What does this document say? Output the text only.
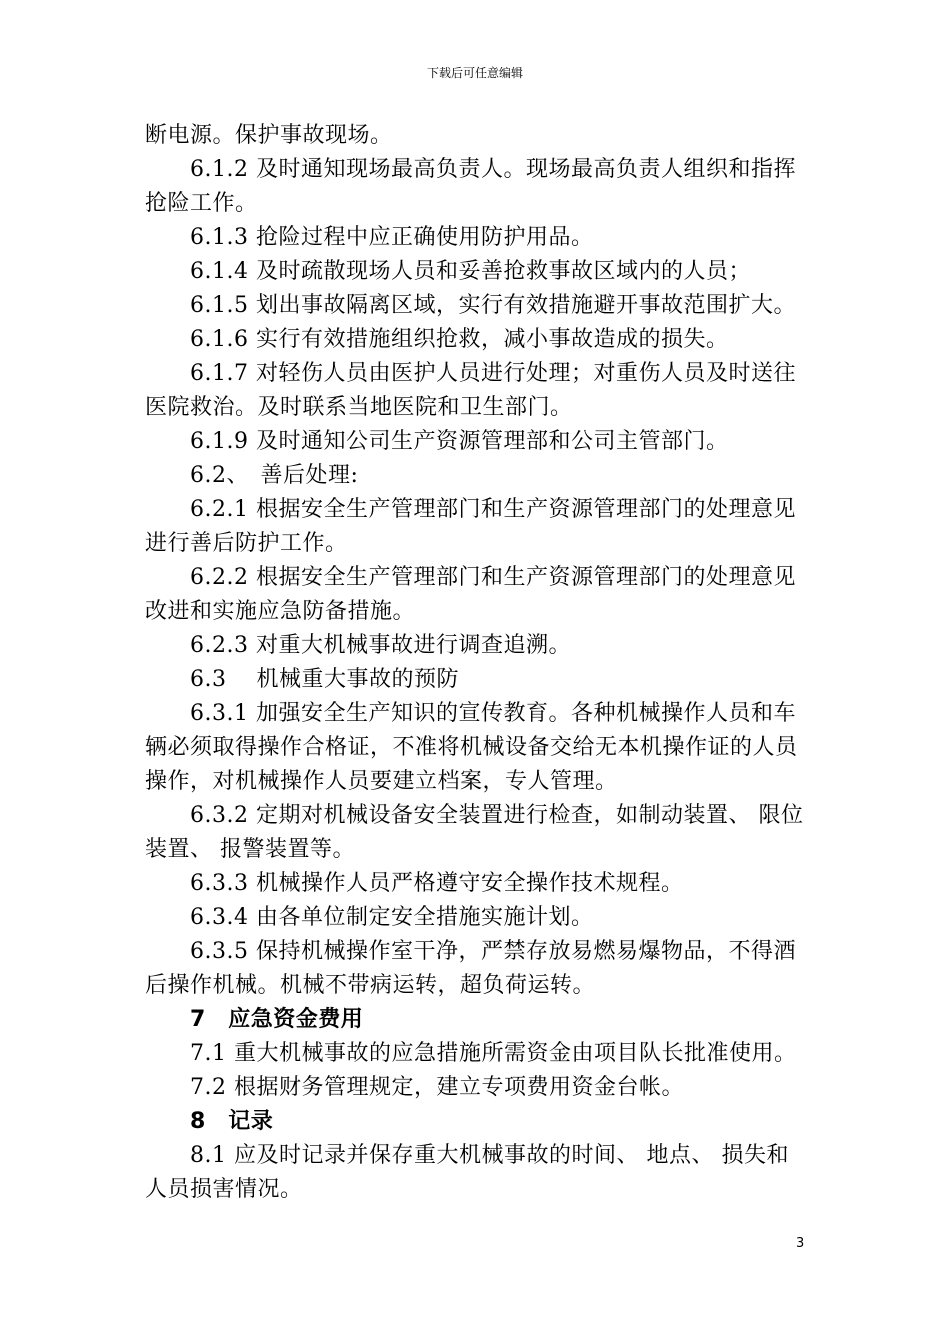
下载后可任意编辑

断电源。保护事故现场。

6.1.2 及时通知现场最高负责人。现场最高负责人组织和指挥抢险工作。

6.1.3 抢险过程中应正确使用防护用品。

6.1.4 及时疏散现场人员和妥善抢救事故区域内的人员；

6.1.5 划出事故隔离区域，实行有效措施避开事故范围扩大。

6.1.6 实行有效措施组织抢救，减小事故造成的损失。

6.1.7 对轻伤人员由医护人员进行处理；对重伤人员及时送往医院救治。及时联系当地医院和卫生部门。

6.1.9 及时通知公司生产资源管理部和公司主管部门。

6.2、　善后处理:

6.2.1 根据安全生产管理部门和生产资源管理部门的处理意见进行善后防护工作。

6.2.2 根据安全生产管理部门和生产资源管理部门的处理意见改进和实施应急防备措施。

6.2.3 对重大机械事故进行调查追溯。

6.3　 机械重大事故的预防

6.3.1 加强安全生产知识的宣传教育。各种机械操作人员和车辆必须取得操作合格证，不准将机械设备交给无本机操作证的人员操作，对机械操作人员要建立档案，专人管理。

6.3.2 定期对机械设备安全装置进行检查，如制动装置、 限位装置、 报警装置等。

6.3.3 机械操作人员严格遵守安全操作技术规程。

6.3.4 由各单位制定安全措施实施计划。

6.3.5 保持机械操作室干净，严禁存放易燃易爆物品，不得酒后操作机械。机械不带病运转，超负荷运转。

7　应急资金费用

7.1 重大机械事故的应急措施所需资金由项目队长批准使用。

7.2 根据财务管理规定，建立专项费用资金台帐。

8　记录

8.1 应及时记录并保存重大机械事故的时间、 地点、 损失和人员损害情况。

3
